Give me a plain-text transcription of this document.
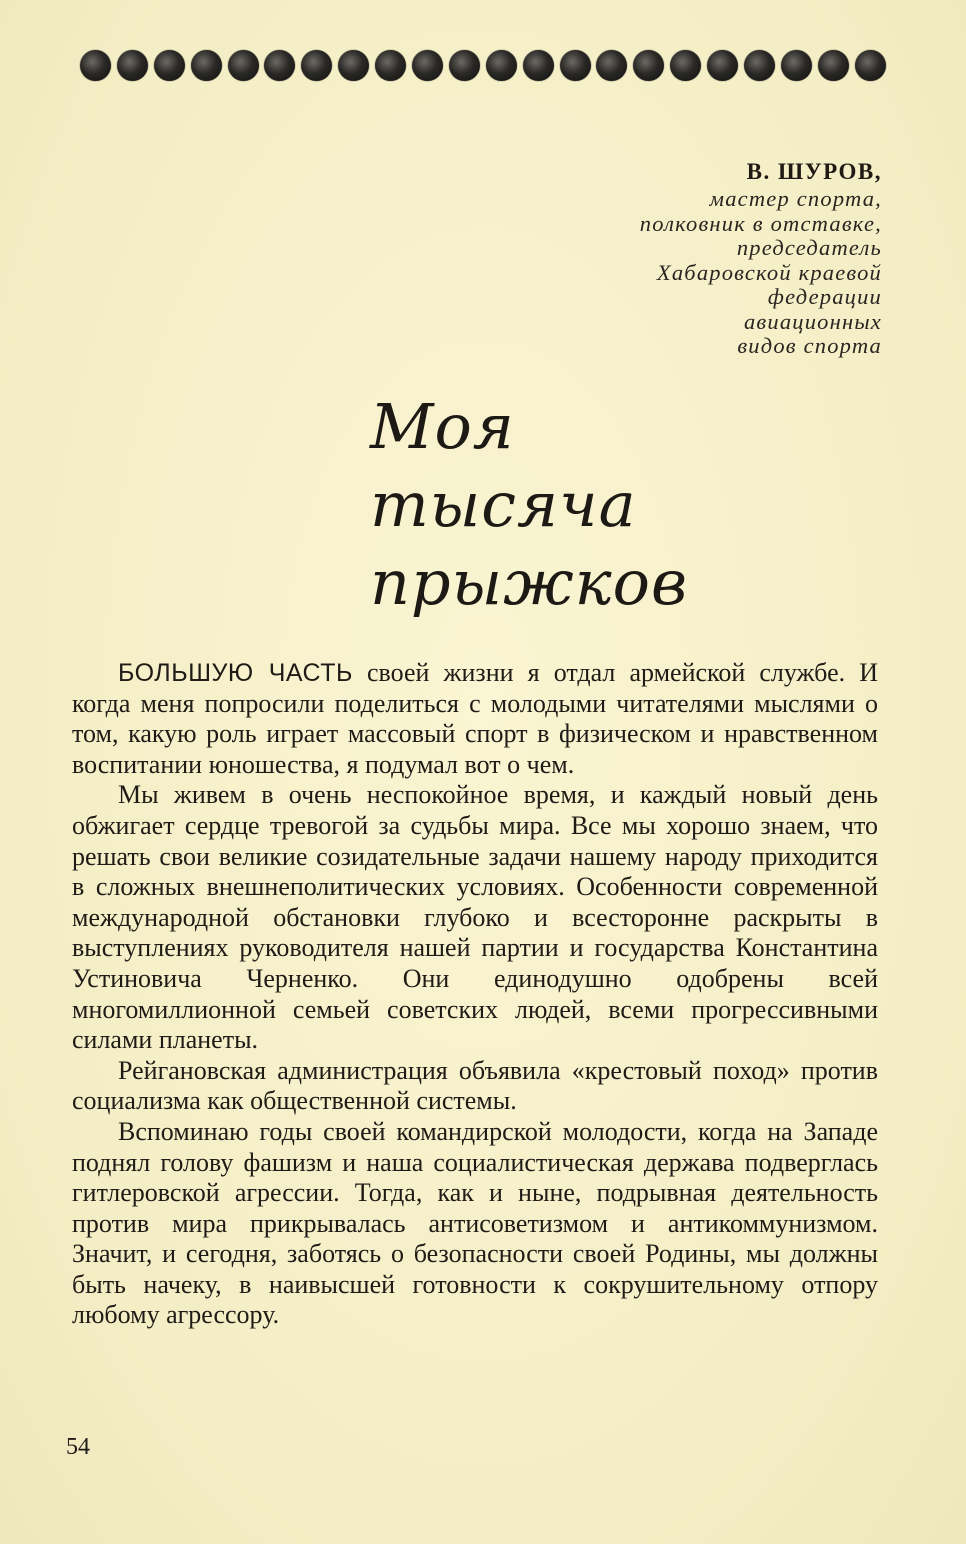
В. ШУРОВ,
мастер спорта,
полковник в отставке,
председатель
Хабаровской краевой
федерации
авиационных
видов спорта
Моя
тысяча
прыжков

БОЛЬШУЮ ЧАСТЬ своей жизни я отдал армейской службе. И когда меня попросили поделиться с молодыми читателями мыслями о том, какую роль играет массовый спорт в физическом и нравственном воспитании юношества, я подумал вот о чем.

Мы живем в очень неспокойное время, и каждый новый день обжигает сердце тревогой за судьбы мира. Все мы хорошо знаем, что решать свои великие созидательные задачи нашему народу приходится в сложных внешнеполитических условиях. Особенности современной международной обстановки глубоко и всесторонне раскрыты в выступлениях руководителя нашей партии и государства Константина Устиновича Черненко. Они единодушно одобрены всей многомиллионной семьей советских людей, всеми прогрессивными силами планеты.

Рейгановская администрация объявила «крестовый поход» против социализма как общественной системы.

Вспоминаю годы своей командирской молодости, когда на Западе поднял голову фашизм и наша социалистическая держава подверглась гитлеровской агрессии. Тогда, как и ныне, подрывная деятельность против мира прикрывалась антисоветизмом и антикоммунизмом. Значит, и сегодня, заботясь о безопасности своей Родины, мы должны быть начеку, в наивысшей готовности к сокрушительному отпору любому агрессору.

54
